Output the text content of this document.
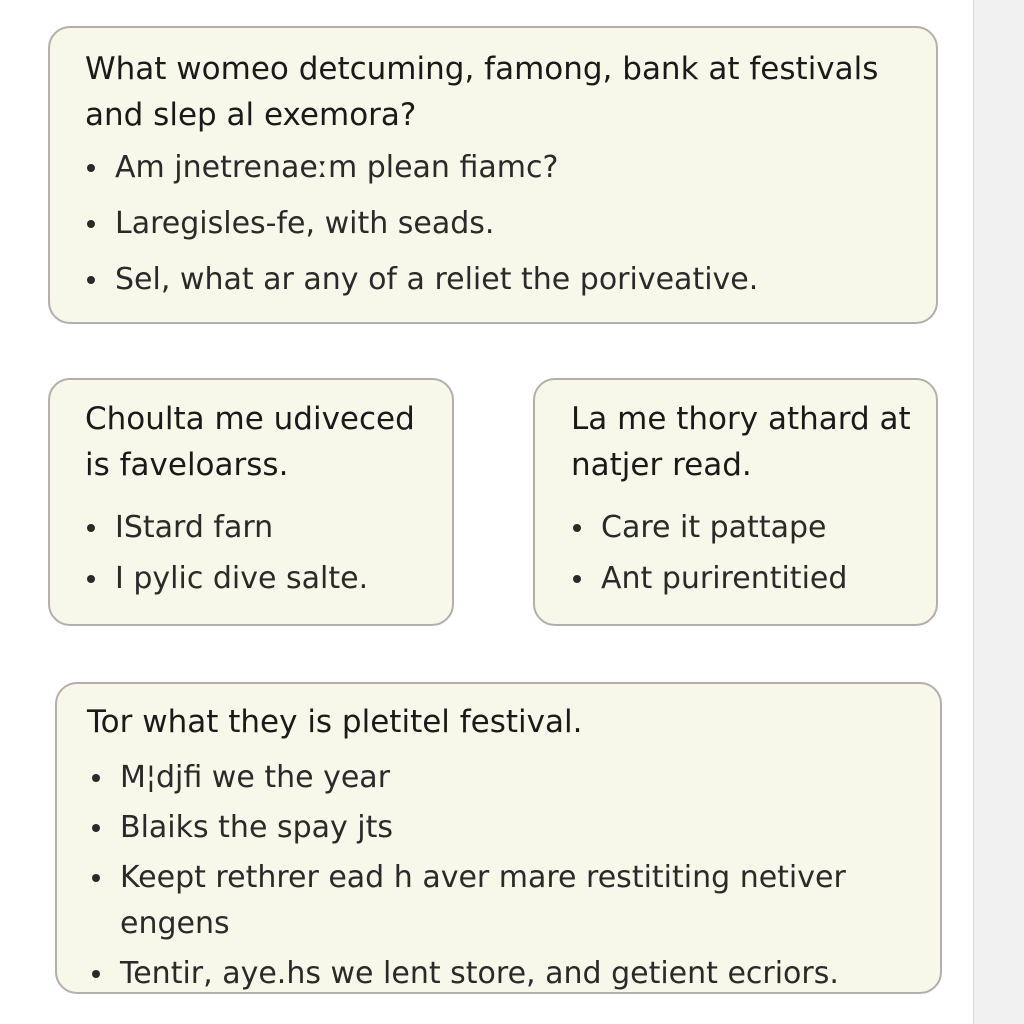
What womeo detcuming, famong, bank at festivals and slep al exemora?
Am jnetrenaeːm plean fiamc?
Laregisles-fe, with seads.
Sel, what ar any of a reliet the poriveative.
Choulta me udiveced is faveloarss.
IStard farn
I pylic dive salte.
La me thory athard at natjer read.
Care it pattape
Ant purirentitied
Tor what they is pletitel festival.
M¦djfi we the year
Blaiks the spay jts
Keept rethrer ead h aver mare restititing netiver engens
Tentir, aye.hs we lent store, and getient ecriors.
